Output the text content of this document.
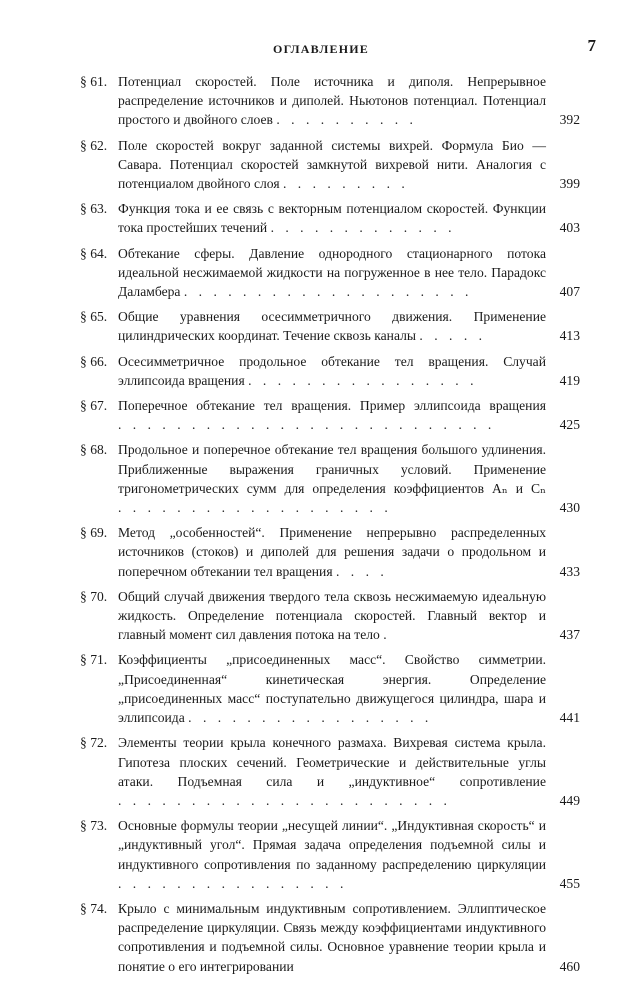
ОГЛАВЛЕНИЕ	7
§ 61. Потенциал скоростей. Поле источника и диполя. Непрерывное распределение источников и диполей. Ньютонов потенциал. Потенциал простого и двойного слоев . . . . . . . . . .	392
§ 62. Поле скоростей вокруг заданной системы вихрей. Формула Био — Савара. Потенциал скоростей замкнутой вихревой нити. Аналогия с потенциалом двойного слоя . . . . . . . . .	399
§ 63. Функция тока и ее связь с векторным потенциалом скоростей. Функции тока простейших течений . . . . . . . . . . . . .	403
§ 64. Обтекание сферы. Давление однородного стационарного потока идеальной несжимаемой жидкости на погруженное в нее тело. Парадокс Даламбера . . . . . . . . . . . . . . . . . . . .	407
§ 65. Общие уравнения осесимметричного движения. Применение цилиндрических координат. Течение сквозь каналы . . . . .	413
§ 66. Осесимметричное продольное обтекание тел вращения. Случай эллипсоида вращения . . . . . . . . . . . . . . . .	419
§ 67. Поперечное обтекание тел вращения. Пример эллипсоида вращения . . . . . . . . . . . . . . . . . . . . . . . . . .	425
§ 68. Продольное и поперечное обтекание тел вращения большого удлинения. Приближенные выражения граничных условий. Применение тригонометрических сумм для определения коэффициентов Aₙ и Cₙ . . . . . . . . . . . . . . . . . . .	430
§ 69. Метод „особенностей“. Применение непрерывно распределенных источников (стоков) и диполей для решения задачи о продольном и поперечном обтекании тел вращения . . . .	433
§ 70. Общий случай движения твердого тела сквозь несжимаемую идеальную жидкость. Определение потенциала скоростей. Главный вектор и главный момент сил давления потока на тело .	437
§ 71. Коэффициенты „присоединенных масс“. Свойство симметрии. „Присоединенная“ кинетическая энергия. Определение „присоединенных масс“ поступательно движущегося цилиндра, шара и эллипсоида . . . . . . . . . . . . . . . . .	441
§ 72. Элементы теории крыла конечного размаха. Вихревая система крыла. Гипотеза плоских сечений. Геометрические и действительные углы атаки. Подъемная сила и „индуктивное“ сопротивление . . . . . . . . . . . . . . . . . . . . . . .	449
§ 73. Основные формулы теории „несущей линии“. „Индуктивная скорость“ и „индуктивный угол“. Прямая задача определения подъемной силы и индуктивного сопротивления по заданному распределению циркуляции . . . . . . . . . . . . . . . .	455
§ 74. Крыло с минимальным индуктивным сопротивлением. Эллиптическое распределение циркуляции. Связь между коэффициентами индуктивного сопротивления и подъемной силы. Основное уравнение теории крыла и понятие о его интегрировании	460
